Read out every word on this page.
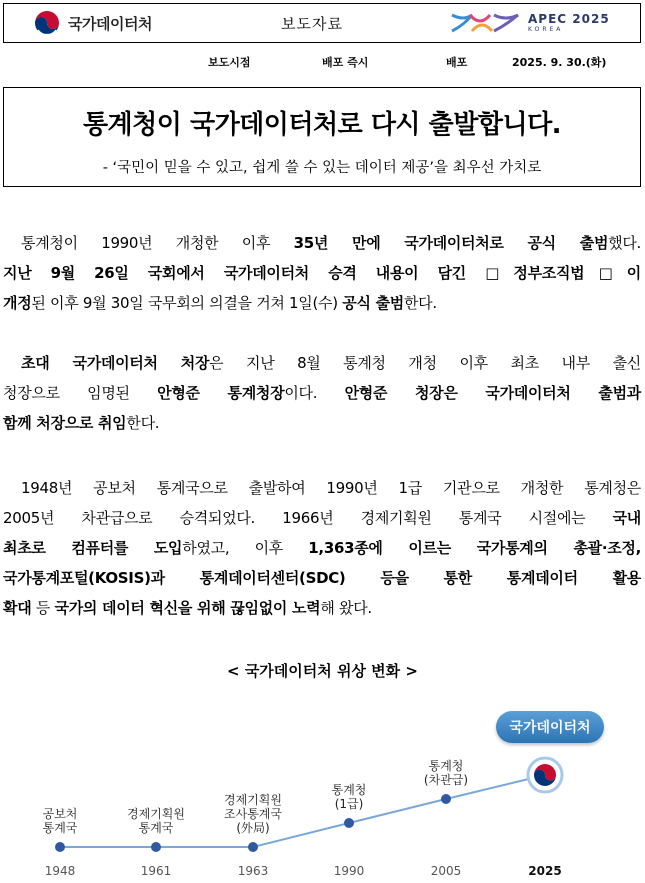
국가데이터처	보도자료	APEC 2025
KOREA
보도시점	배포 즉시	배포	2025. 9. 30.(화)
통계청이 국가데이터처로 다시 출발합니다.
- ‘국민이 믿을 수 있고, 쉽게 쓸 수 있는 데이터 제공’을 최우선 가치로
통계청이 1990년 개청한 이후 35년 만에 국가데이터처로 공식 출범했다.
지난 9월 26일 국회에서 국가데이터처 승격 내용이 담긴 □정부조직법□이
개정된 이후 9월 30일 국무회의 의결을 거쳐 1일(수) 공식 출범한다.
초대 국가데이터처 처장은 지난 8월 통계청 개청 이후 최초 내부 출신
청장으로 임명된 안형준 통계청장이다. 안형준 청장은 국가데이터처 출범과
함께 처장으로 취임한다.
1948년 공보처 통계국으로 출발하여 1990년 1급 기관으로 개청한 통계청은
2005년 차관급으로 승격되었다. 1966년 경제기획원 통계국 시절에는 국내
최초로 컴퓨터를 도입하였고, 이후 1,363종에 이르는 국가통계의 총괄·조정,
국가통계포털(KOSIS)과 통계데이터센터(SDC) 등을 통한 통계데이터 활용
확대 등 국가의 데이터 혁신을 위해 끊임없이 노력해 왔다.
< 국가데이터처 위상 변화 >
공보처
통계국
1948
경제기획원
통계국
1961
경제기획원
조사통계국
(外局)
1963
통계청
(1급)
1990
통계청
(차관급)
2005	2025
국가데이터처
